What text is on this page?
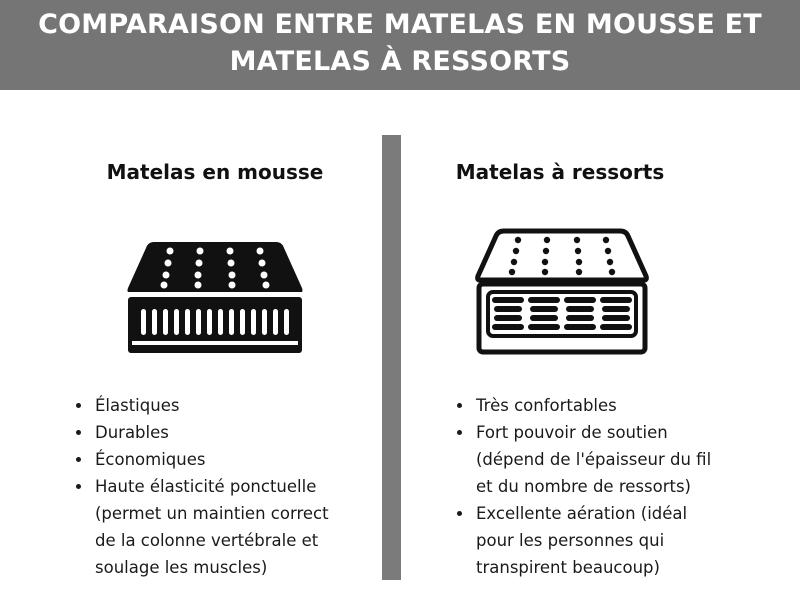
COMPARAISON ENTRE MATELAS EN MOUSSE ET
MATELAS À RESSORTS
Matelas en mousse
Élastiques
Durables
Économiques
Haute élasticité ponctuelle
(permet un maintien correct
de la colonne vertébrale et
soulage les muscles)
Matelas à ressorts
Très confortables
Fort pouvoir de soutien
(dépend de l'épaisseur du fil
et du nombre de ressorts)
Excellente aération (idéal
pour les personnes qui
transpirent beaucoup)
